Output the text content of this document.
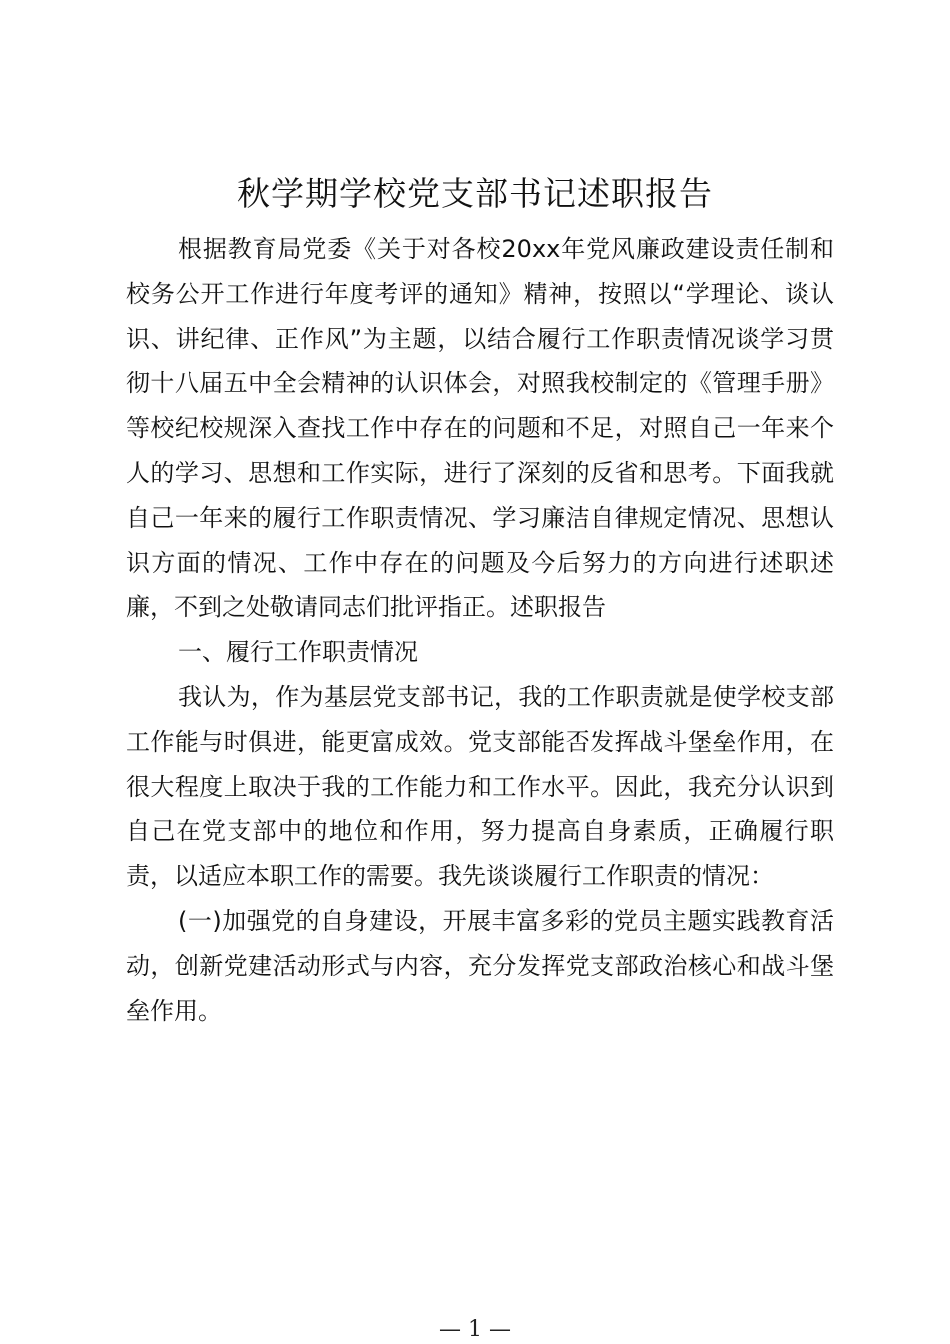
秋学期学校党支部书记述职报告

根据教育局党委《关于对各校20xx年党风廉政建设责任制和校务公开工作进行年度考评的通知》精神，按照以“学理论、谈认识、讲纪律、正作风”为主题，以结合履行工作职责情况谈学习贯彻十八届五中全会精神的认识体会，对照我校制定的《管理手册》等校纪校规深入查找工作中存在的问题和不足，对照自己一年来个人的学习、思想和工作实际，进行了深刻的反省和思考。下面我就自己一年来的履行工作职责情况、学习廉洁自律规定情况、思想认识方面的情况、工作中存在的问题及今后努力的方向进行述职述廉，不到之处敬请同志们批评指正。述职报告

一、履行工作职责情况

我认为，作为基层党支部书记，我的工作职责就是使学校支部工作能与时俱进，能更富成效。党支部能否发挥战斗堡垒作用，在很大程度上取决于我的工作能力和工作水平。因此，我充分认识到自己在党支部中的地位和作用，努力提高自身素质，正确履行职责，以适应本职工作的需要。我先谈谈履行工作职责的情况：

(一)加强党的自身建设，开展丰富多彩的党员主题实践教育活动，创新党建活动形式与内容，充分发挥党支部政治核心和战斗堡垒作用。

— 1 —
